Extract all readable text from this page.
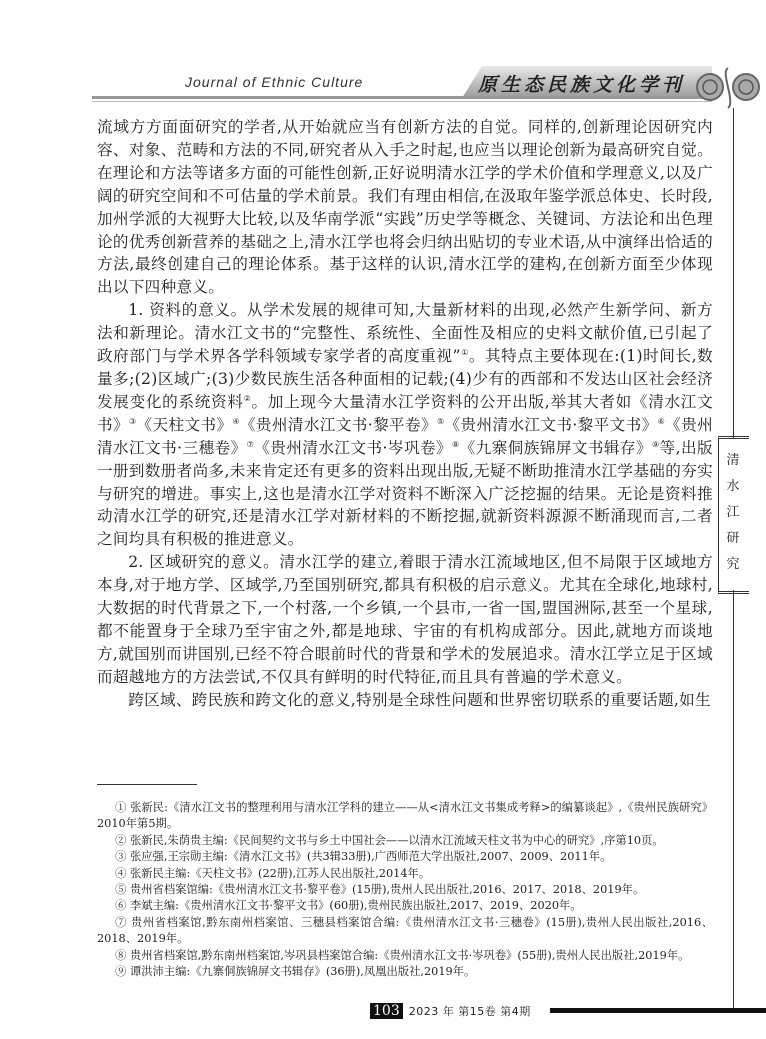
Journal of Ethnic Culture	原生态民族文化学刊
清水江研究

流域方方面面研究的学者,从开始就应当有创新方法的自觉。同样的,创新理论因研究内容、对象、范畴和方法的不同,研究者从入手之时起,也应当以理论创新为最高研究自觉。在理论和方法等诸多方面的可能性创新,正好说明清水江学的学术价值和学理意义,以及广阔的研究空间和不可估量的学术前景。我们有理由相信,在汲取年鉴学派总体史、长时段,加州学派的大视野大比较,以及华南学派“实践”历史学等概念、关键词、方法论和出色理论的优秀创新营养的基础之上,清水江学也将会归纳出贴切的专业术语,从中演绎出恰适的方法,最终创建自己的理论体系。基于这样的认识,清水江学的建构,在创新方面至少体现出以下四种意义。

1. 资料的意义。从学术发展的规律可知,大量新材料的出现,必然产生新学问、新方法和新理论。清水江文书的“完整性、系统性、全面性及相应的史料文献价值,已引起了政府部门与学术界各学科领域专家学者的高度重视”①。其特点主要体现在:(1)时间长,数量多;(2)区域广;(3)少数民族生活各种面相的记载;(4)少有的西部和不发达山区社会经济发展变化的系统资料②。加上现今大量清水江学资料的公开出版,举其大者如《清水江文书》③《天柱文书》④《贵州清水江文书·黎平卷》⑤《贵州清水江文书·黎平文书》⑥《贵州清水江文书·三穗卷》⑦《贵州清水江文书·岑巩卷》⑧《九寨侗族锦屏文书辑存》⑨等,出版一册到数册者尚多,未来肯定还有更多的资料出现出版,无疑不断助推清水江学基础的夯实与研究的增进。事实上,这也是清水江学对资料不断深入广泛挖掘的结果。无论是资料推动清水江学的研究,还是清水江学对新材料的不断挖掘,就新资料源源不断涌现而言,二者之间均具有积极的推进意义。

2. 区域研究的意义。清水江学的建立,着眼于清水江流域地区,但不局限于区域地方本身,对于地方学、区域学,乃至国别研究,都具有积极的启示意义。尤其在全球化,地球村,大数据的时代背景之下,一个村落,一个乡镇,一个县市,一省一国,盟国洲际,甚至一个星球,都不能置身于全球乃至宇宙之外,都是地球、宇宙的有机构成部分。因此,就地方而谈地方,就国别而讲国别,已经不符合眼前时代的背景和学术的发展追求。清水江学立足于区域而超越地方的方法尝试,不仅具有鲜明的时代特征,而且具有普遍的学术意义。

跨区域、跨民族和跨文化的意义,特别是全球性问题和世界密切联系的重要话题,如生

① 张新民:《清水江文书的整理利用与清水江学科的建立——从<清水江文书集成考释>的编纂谈起》,《贵州民族研究》2010年第5期。

② 张新民,朱荫贵主编:《民间契约文书与乡土中国社会——以清水江流域天柱文书为中心的研究》,序第10页。

③ 张应强,王宗勋主编:《清水江文书》(共3辑33册),广西师范大学出版社,2007、2009、2011年。

④ 张新民主编:《天柱文书》(22册),江苏人民出版社,2014年。

⑤ 贵州省档案馆编:《贵州清水江文书·黎平卷》(15册),贵州人民出版社,2016、2017、2018、2019年。

⑥ 李斌主编:《贵州清水江文书·黎平文书》(60册),贵州民族出版社,2017、2019、2020年。

⑦ 贵州省档案馆,黔东南州档案馆、三穗县档案馆合编:《贵州清水江文书·三穗卷》(15册),贵州人民出版社,2016、2018、2019年。

⑧ 贵州省档案馆,黔东南州档案馆,岑巩县档案馆合编:《贵州清水江文书·岑巩卷》(55册),贵州人民出版社,2019年。

⑨ 谭洪沛主编:《九寨侗族锦屏文书辑存》(36册),凤凰出版社,2019年。

103 2023 年 第15卷 第4期
